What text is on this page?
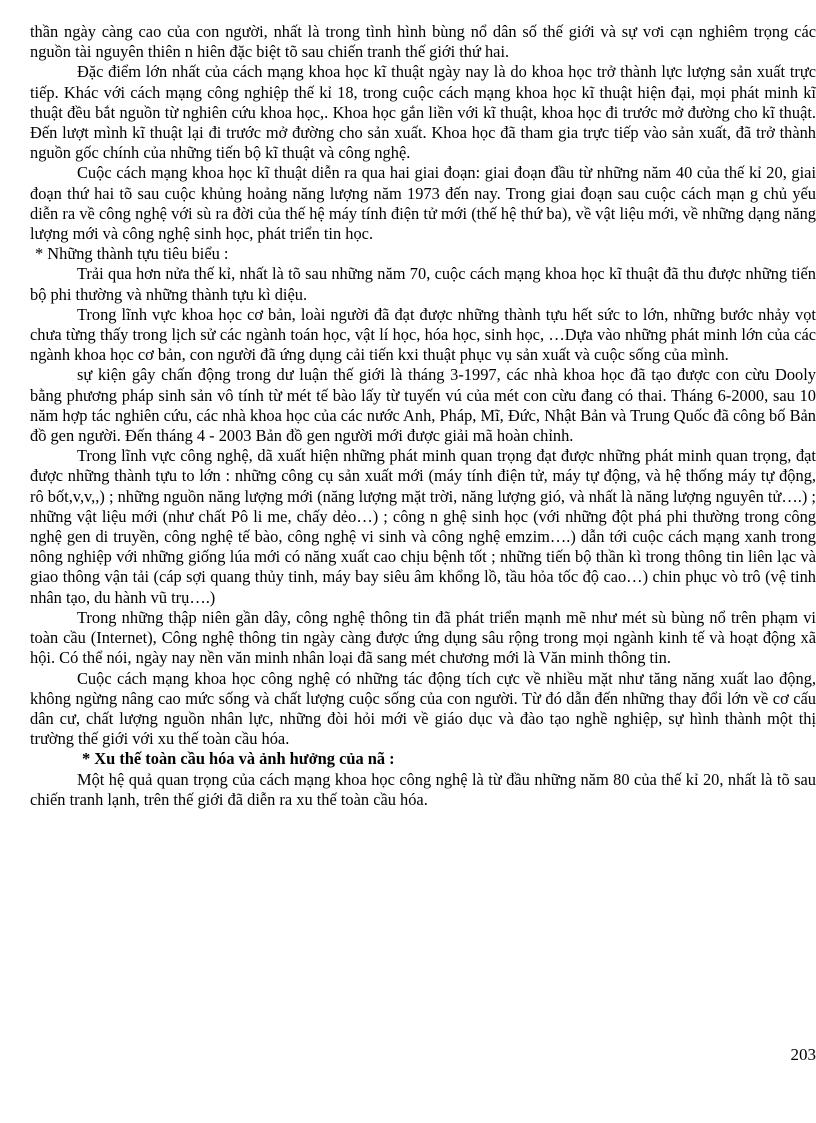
thần ngày càng cao của con người, nhất là trong tình hình bùng nổ dân số thế giới và sự vơi cạn nghiêm trọng các nguồn tài nguyên thiên n hiên đặc biệt tõ sau chiến tranh thế giới thứ hai.

Đặc điểm lớn nhất của cách mạng khoa học kĩ thuật ngày nay là do khoa học trở thành lực lượng sản xuất trực tiếp. Khác với cách mạng công nghiệp thế kỉ 18, trong cuộc cách mạng khoa học kĩ thuật hiện đại, mọi phát minh kĩ thuật đều bắt nguồn từ nghiên cứu khoa học,. Khoa học gắn liền với kĩ thuật, khoa học đi trước mở đường cho kĩ thuật. Đến lượt mình kĩ thuật lại đi trước mở đường cho sản xuất. Khoa học đã tham gia trực tiếp vào sản xuất, đã trở thành nguồn gốc chính của những tiến bộ kĩ thuật và công nghệ.

Cuộc cách mạng khoa học kĩ thuật diễn ra qua hai giai đoạn: giai đoạn đầu từ những năm 40 của thế kỉ 20, giai đoạn thứ hai tõ sau cuộc khủng hoảng năng lượng năm 1973 đến nay. Trong giai đoạn sau cuộc cách mạn g chủ yếu diễn ra về công nghệ với sù ra đời của thế hệ máy tính điện tử mới (thế hệ thứ ba), về vật liệu mới, về những dạng năng lượng mới và công nghệ sinh học, phát triển tin học.

* Những thành tựu tiêu biểu :

Trải qua hơn nửa thế kỉ, nhất là tõ sau những năm 70, cuộc cách mạng khoa học kĩ thuật đã thu được những tiến bộ phi thường và những thành tựu kì diệu.

Trong lĩnh vực khoa học cơ bản, loài người đã đạt được những thành tựu hết sức to lớn, những bước nhảy vọt chưa từng thấy trong lịch sử các ngành toán học, vật lí học, hóa học, sinh học, …Dựa vào những phát minh lớn của các ngành khoa học cơ bản, con người đã ứng dụng cải tiến kxi thuật phục vụ sản xuất và cuộc sống của mình.

sự kiện gây chấn động trong dư luận thế giới là tháng 3-1997, các nhà khoa học đã tạo được con cừu Dooly bằng phương pháp sinh sản vô tính từ mét tế bào lấy từ tuyến vú của mét con cừu đang có thai. Tháng 6-2000, sau 10 năm hợp tác nghiên cứu, các nhà khoa học của các nước Anh, Pháp, Mĩ, Đức, Nhật Bản và Trung Quốc đã công bố Bản đồ gen người. Đến tháng 4 - 2003 Bản đồ gen người mới được giải mã hoàn chỉnh.

Trong lĩnh vực công nghệ, dã xuất hiện những phát minh quan trọng đạt được những phát minh quan trọng, đạt được những thành tựu to lớn : những công cụ sản xuất mới (máy tính điện tử, máy tự động, và hệ thống máy tự động, rô bốt,v,v,,) ; những nguồn năng lượng mới (năng lượng mặt trời, năng lượng gió, và nhất là năng lượng nguyên tử….) ; những vật liệu mới (như chất Pô li me, chấy dẻo…) ; công n ghệ sinh học (với những đột phá phi thường trong công nghệ gen di truyền, công nghệ tế bào, công nghệ vi sinh và công nghệ emzim….) dẫn tới cuộc cách mạng xanh trong nông nghiệp với những giống lúa mới có năng xuất cao chịu bệnh tốt ; những tiến bộ thần kì trong thông tin liên lạc và giao thông vận tải (cáp sợi quang thủy tinh, máy bay siêu âm khổng lồ, tầu hỏa tốc độ cao…) chin phục vò trô (vệ tinh nhân tạo, du hành vũ trụ….)

Trong những thập niên gần dây, công nghệ thông tin đã phát triển mạnh mẽ như mét sù bùng nổ trên phạm vi toàn cầu (Internet), Công nghệ thông tin ngày càng được ứng dụng sâu rộng trong mọi ngành kinh tế và hoạt động xã hội. Có thể nói, ngày nay nền văn minh nhân loại đã sang mét chương mới là Văn minh thông tin.

Cuộc cách mạng khoa học công nghệ có những tác động tích cực về nhiều mặt như tăng năng xuất lao động, không ngừng nâng cao mức sống và chất lượng cuộc sống của con người. Từ đó dẫn đến những thay đổi lớn về cơ cấu dân cư, chất lượng nguồn nhân lực, những đòi hỏi mới về giáo dục và đào tạo nghề nghiệp, sự hình thành một thị trường thế giới với xu thế toàn cầu hóa.

* Xu thế toàn cầu hóa và ảnh hưởng của nã :

Một hệ quả quan trọng của cách mạng khoa học công nghệ là từ đầu những năm 80 của thế kỉ 20, nhất là tõ sau chiến tranh lạnh, trên thế giới đã diễn ra xu thế toàn cầu hóa.

203
